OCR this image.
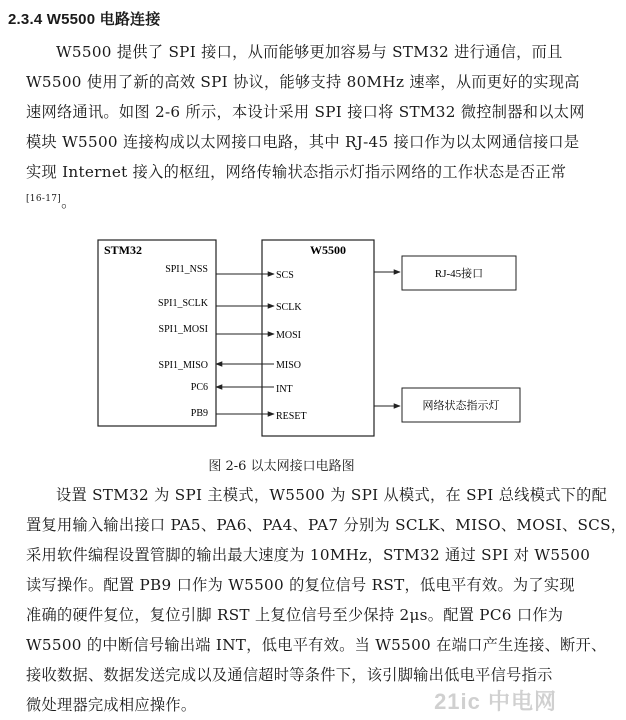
2.3.4 W5500 电路连接
W5500 提供了 SPI 接口，从而能够更加容易与 STM32 进行通信，而且
W5500 使用了新的高效 SPI 协议，能够支持 80MHz 速率，从而更好的实现高
速网络通讯。如图 2-6 所示，本设计采用 SPI 接口将 STM32 微控制器和以太网
模块 W5500 连接构成以太网接口电路，其中 RJ-45 接口作为以太网通信接口是
实现 Internet 接入的枢纽，网络传输状态指示灯指示网络的工作状态是否正常
[16-17]。
STM32	W5500
SPI1_NSS
SPI1_SCLK
SPI1_MOSI
SPI1_MISO
PC6
PB9
SCS
SCLK
MOSI
MISO
INT
RESET
RJ-45接口
网络状态指示灯
图 2-6 以太网接口电路图
设置 STM32 为 SPI 主模式，W5500 为 SPI 从模式，在 SPI 总线模式下的配
置复用输入输出接口 PA5、PA6、PA4、PA7 分别为 SCLK、MISO、MOSI、SCS，
采用软件编程设置管脚的输出最大速度为 10MHz，STM32 通过 SPI 对 W5500
读写操作。配置 PB9 口作为 W5500 的复位信号 RST，低电平有效。为了实现
准确的硬件复位，复位引脚 RST 上复位信号至少保持 2μs。配置 PC6 口作为
W5500 的中断信号输出端 INT，低电平有效。当 W5500 在端口产生连接、断开、
接收数据、数据发送完成以及通信超时等条件下，该引脚输出低电平信号指示
微处理器完成相应操作。	21ic 中电网
